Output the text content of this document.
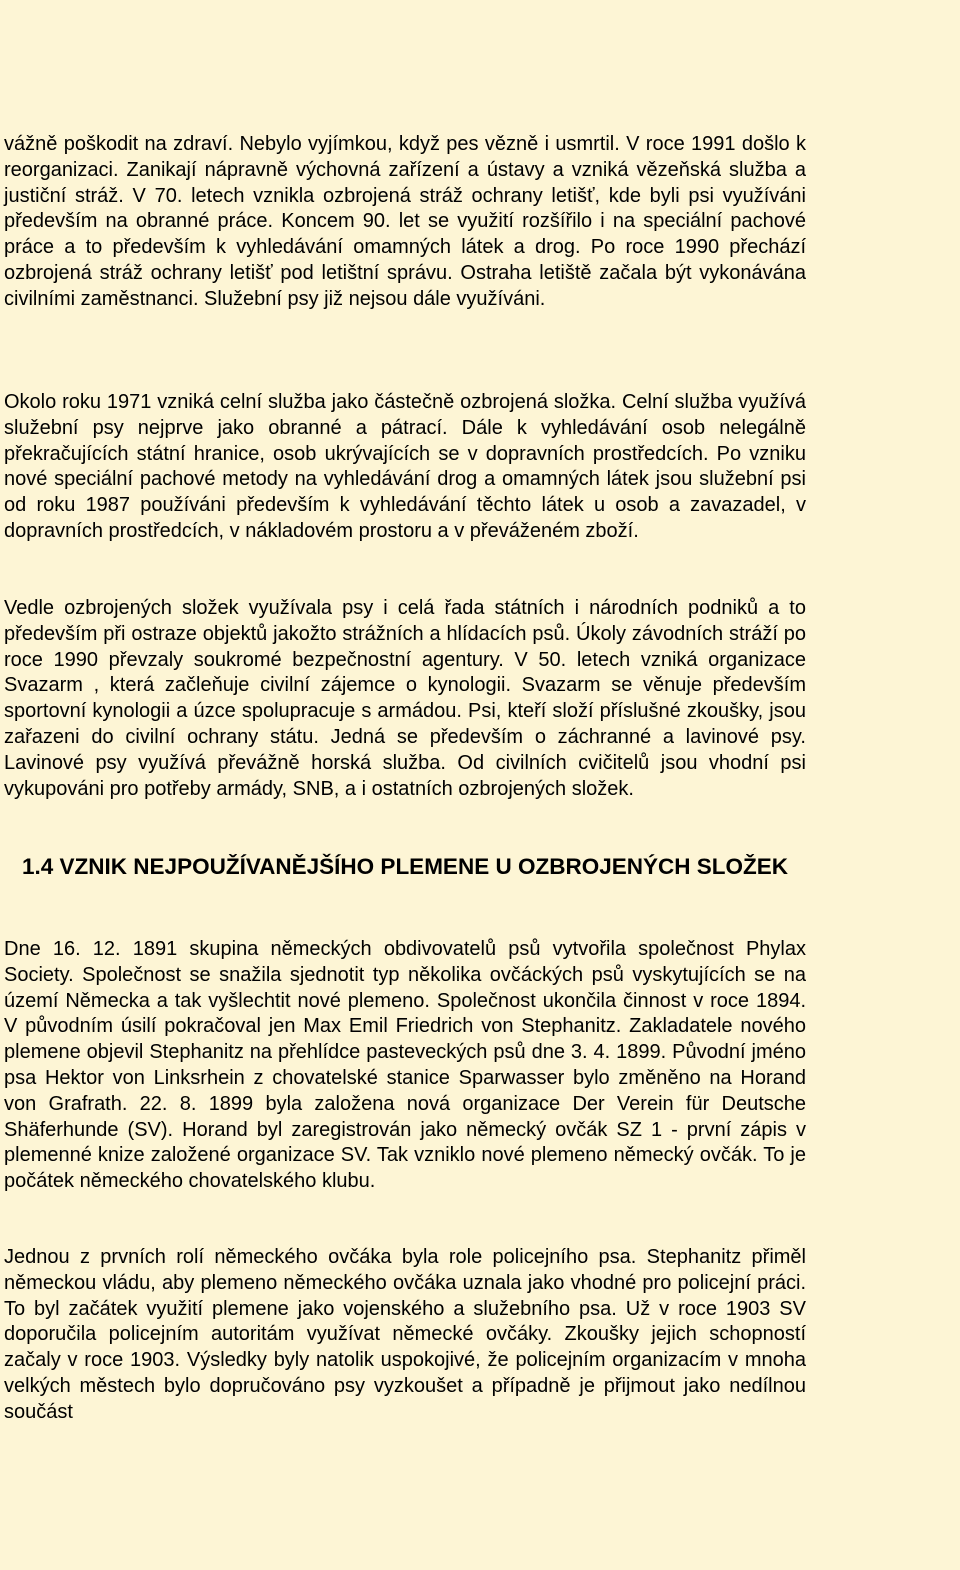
vážně poškodit na zdraví. Nebylo vyjímkou, když pes vězně i usmrtil. V roce 1991 došlo k reorganizaci. Zanikají nápravně výchovná zařízení a ústavy a vzniká vězeňská služba a justiční stráž. V 70. letech vznikla ozbrojená stráž ochrany letišť, kde byli psi využíváni především na obranné práce. Koncem 90. let se využití rozšířilo i na speciální pachové práce a to především k vyhledávání omamných látek a drog. Po roce 1990 přechází ozbrojená stráž ochrany letišť pod letištní správu. Ostraha letiště začala být vykonávána civilními zaměstnanci. Služební psy již nejsou dále využíváni.

Okolo roku 1971 vzniká celní služba jako částečně ozbrojená složka. Celní služba využívá služební psy nejprve jako obranné a pátrací. Dále k vyhledávání osob nelegálně překračujících státní hranice, osob ukrývajících se v dopravních prostředcích. Po vzniku nové speciální pachové metody na vyhledávání drog a omamných látek jsou služební psi od roku 1987 používáni především k vyhledávání těchto látek u osob a zavazadel, v dopravních prostředcích, v nákladovém prostoru a v převáženém zboží.

Vedle ozbrojených složek využívala psy i celá řada státních i národních podniků a to především při ostraze objektů jakožto strážních a hlídacích psů. Úkoly závodních stráží po roce 1990 převzaly soukromé bezpečnostní agentury. V 50. letech vzniká organizace Svazarm , která začleňuje civilní zájemce o kynologii. Svazarm se věnuje především sportovní kynologii a úzce spolupracuje s armádou. Psi, kteří složí příslušné zkoušky, jsou zařazeni do civilní ochrany státu. Jedná se především o záchranné a lavinové psy. Lavinové psy využívá převážně horská služba. Od civilních cvičitelů jsou vhodní psi vykupováni pro potřeby armády, SNB, a i ostatních ozbrojených složek.

1.4 VZNIK NEJPOUŽÍVANĚJŠÍHO PLEMENE U OZBROJENÝCH SLOŽEK

Dne 16. 12. 1891 skupina německých obdivovatelů psů vytvořila společnost Phylax Society. Společnost se snažila sjednotit typ několika ovčáckých psů vyskytujících se na území Německa a tak vyšlechtit nové plemeno. Společnost ukončila činnost v roce 1894. V původním úsilí pokračoval jen Max Emil Friedrich von Stephanitz. Zakladatele nového plemene objevil Stephanitz na přehlídce pasteveckých psů dne 3. 4. 1899. Původní jméno psa Hektor von Linksrhein z chovatelské stanice Sparwasser bylo změněno na Horand von Grafrath. 22. 8. 1899 byla založena nová organizace Der Verein für Deutsche Shäferhunde (SV). Horand byl zaregistrován jako německý ovčák SZ 1 - první zápis v plemenné knize založené organizace SV. Tak vzniklo nové plemeno německý ovčák. To je počátek německého chovatelského klubu.

Jednou z prvních rolí německého ovčáka byla role policejního psa. Stephanitz přiměl německou vládu, aby plemeno německého ovčáka uznala jako vhodné pro policejní práci. To byl začátek využití plemene jako vojenského a služebního psa. Už v roce 1903 SV doporučila policejním autoritám využívat německé ovčáky. Zkoušky jejich schopností začaly v roce 1903. Výsledky byly natolik uspokojivé, že policejním organizacím v mnoha velkých městech bylo dopručováno psy vyzkoušet a případně je přijmout jako nedílnou součást
